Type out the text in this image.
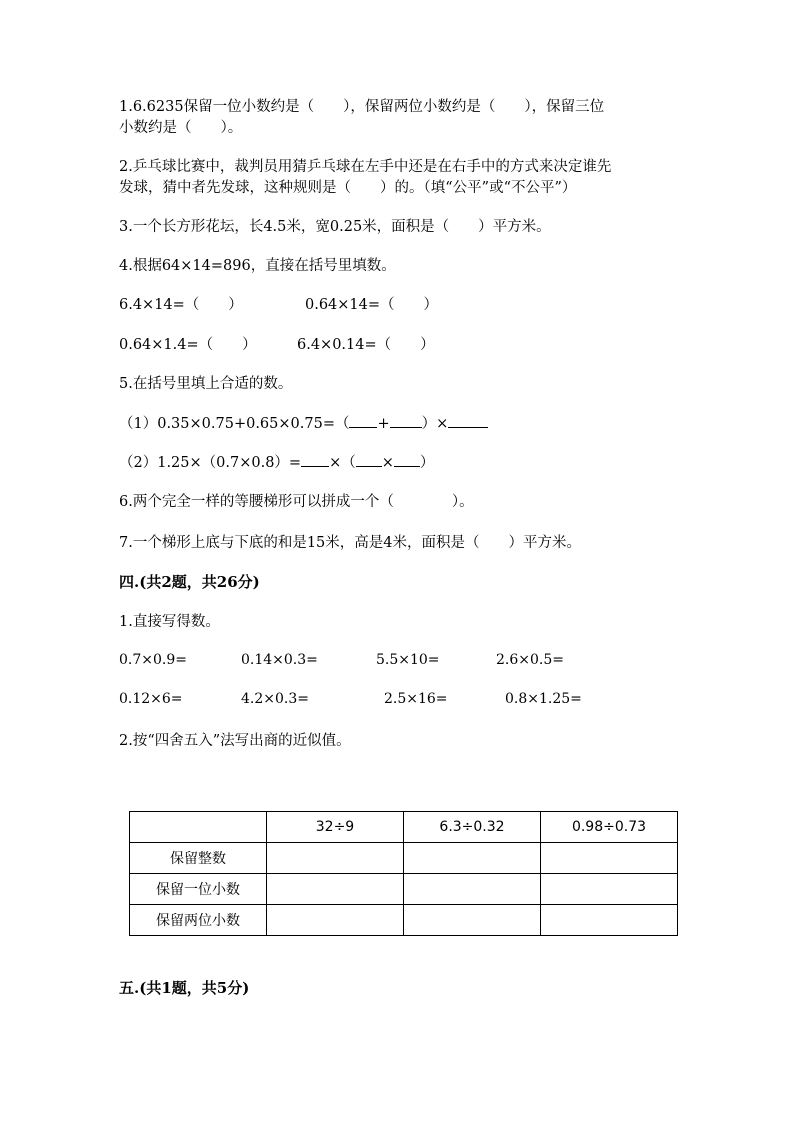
1.6.6235保留一位小数约是（　　），保留两位小数约是（　　），保留三位
小数约是（　　）。
2.乒乓球比赛中，裁判员用猜乒乓球在左手中还是在右手中的方式来决定谁先
发球，猜中者先发球，这种规则是（　　）的。（填“公平”或“不公平”）
3.一个长方形花坛，长4.5米，宽0.25米，面积是（　　）平方米。
4.根据64×14=896，直接在括号里填数。
6.4×14=（　　）	0.64×14=（　　）
0.64×1.4=（　　）	6.4×0.14=（　　）
5.在括号里填上合适的数。
（1）0.35×0.75+0.65×0.75=（ + ）×
（2）1.25×（0.7×0.8）= ×（ × ）
6.两个完全一样的等腰梯形可以拼成一个（　　　　）。
7.一个梯形上底与下底的和是15米，高是4米，面积是（　　）平方米。
四.(共2题，共26分)
1.直接写得数。
0.7×0.9=	0.14×0.3=	5.5×10=	2.6×0.5=
0.12×6=	4.2×0.3=	2.5×16=	0.8×1.25=
2.按“四舍五入”法写出商的近似值。
	32÷9	6.3÷0.32	0.98÷0.73
保留整数			
保留一位小数			
保留两位小数			
五.(共1题，共5分)
